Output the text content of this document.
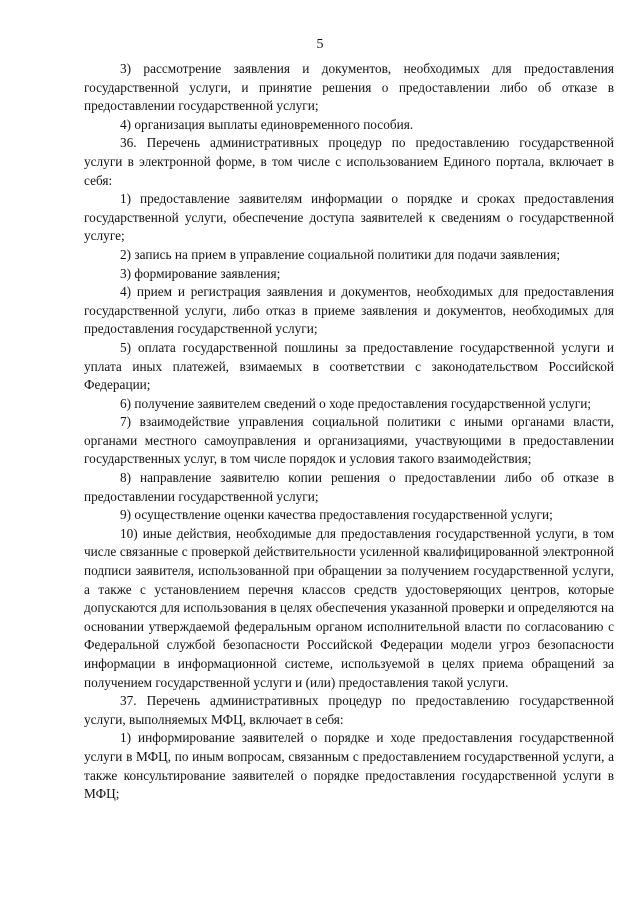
5

3) рассмотрение заявления и документов, необходимых для предоставления государственной услуги, и принятие решения о предоставлении либо об отказе в предоставлении государственной услуги;

4) организация выплаты единовременного пособия.

36. Перечень административных процедур по предоставлению государственной услуги в электронной форме, в том числе с использованием Единого портала, включает в себя:

1) предоставление заявителям информации о порядке и сроках предоставления государственной услуги, обеспечение доступа заявителей к сведениям о государственной услуге;

2) запись на прием в управление социальной политики для подачи заявления;

3) формирование заявления;

4) прием и регистрация заявления и документов, необходимых для предоставления государственной услуги, либо отказ в приеме заявления и документов, необходимых для предоставления государственной услуги;

5) оплата государственной пошлины за предоставление государственной услуги и уплата иных платежей, взимаемых в соответствии с законодательством Российской Федерации;

6) получение заявителем сведений о ходе предоставления государственной услуги;

7) взаимодействие управления социальной политики с иными органами власти, органами местного самоуправления и организациями, участвующими в предоставлении государственных услуг, в том числе порядок и условия такого взаимодействия;

8) направление заявителю копии решения о предоставлении либо об отказе в предоставлении государственной услуги;

9) осуществление оценки качества предоставления государственной услуги;

10) иные действия, необходимые для предоставления государственной услуги, в том числе связанные с проверкой действительности усиленной квалифицированной электронной подписи заявителя, использованной при обращении за получением государственной услуги, а также с установлением перечня классов средств удостоверяющих центров, которые допускаются для использования в целях обеспечения указанной проверки и определяются на основании утверждаемой федеральным органом исполнительной власти по согласованию с Федеральной службой безопасности Российской Федерации модели угроз безопасности информации в информационной системе, используемой в целях приема обращений за получением государственной услуги и (или) предоставления такой услуги.

37. Перечень административных процедур по предоставлению государственной услуги, выполняемых МФЦ, включает в себя:

1) информирование заявителей о порядке и ходе предоставления государственной услуги в МФЦ, по иным вопросам, связанным с предоставлением государственной услуги, а также консультирование заявителей о порядке предоставления государственной услуги в МФЦ;
